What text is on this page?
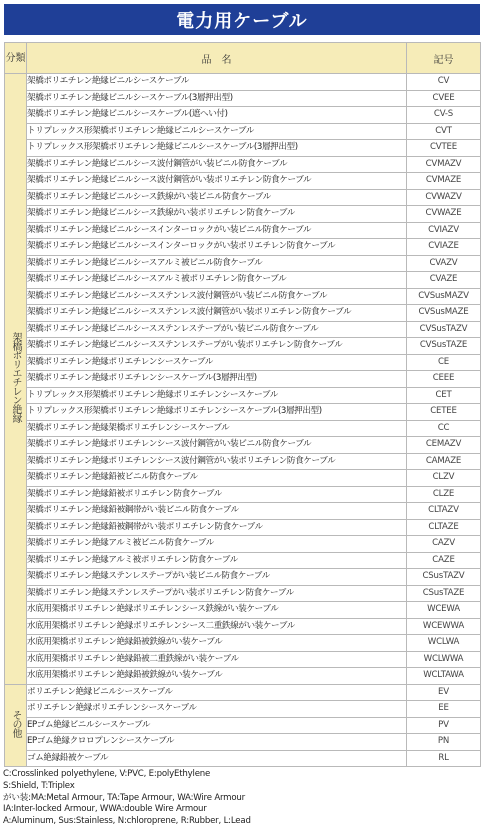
電力用ケーブル
分類	品　名	記号
架橋ポリエチレン絶縁	架橋ポリエチレン絶縁ビニルシースケーブル	CV
	架橋ポリエチレン絶縁ビニルシースケーブル(3層押出型)	CVEE
	架橋ポリエチレン絶縁ビニルシースケーブル(遮へい付)	CV-S
	トリプレックス形架橋ポリエチレン絶縁ビニルシースケーブル	CVT
	トリプレックス形架橋ポリエチレン絶縁ビニルシースケーブル(3層押出型)	CVTEE
	架橋ポリエチレン絶縁ビニルシース波付鋼管がい装ビニル防食ケーブル	CVMAZV
	架橋ポリエチレン絶縁ビニルシース波付鋼管がい装ポリエチレン防食ケーブル	CVMAZE
	架橋ポリエチレン絶縁ビニルシース鉄線がい装ビニル防食ケーブル	CVWAZV
	架橋ポリエチレン絶縁ビニルシース鉄線がい装ポリエチレン防食ケーブル	CVWAZE
	架橋ポリエチレン絶縁ビニルシースインターロックがい装ビニル防食ケーブル	CVIAZV
	架橋ポリエチレン絶縁ビニルシースインターロックがい装ポリエチレン防食ケーブル	CVIAZE
	架橋ポリエチレン絶縁ビニルシースアルミ被ビニル防食ケーブル	CVAZV
	架橋ポリエチレン絶縁ビニルシースアルミ被ポリエチレン防食ケーブル	CVAZE
	架橋ポリエチレン絶縁ビニルシースステンレス波付鋼管がい装ビニル防食ケーブル	CVSusMAZV
	架橋ポリエチレン絶縁ビニルシースステンレス波付鋼管がい装ポリエチレン防食ケーブル	CVSusMAZE
	架橋ポリエチレン絶縁ビニルシースステンレステープがい装ビニル防食ケーブル	CVSusTAZV
	架橋ポリエチレン絶縁ビニルシースステンレステープがい装ポリエチレン防食ケーブル	CVSusTAZE
	架橋ポリエチレン絶縁ポリエチレンシースケーブル	CE
	架橋ポリエチレン絶縁ポリエチレンシースケーブル(3層押出型)	CEEE
	トリプレックス形架橋ポリエチレン絶縁ポリエチレンシースケーブル	CET
	トリプレックス形架橋ポリエチレン絶縁ポリエチレンシースケーブル(3層押出型)	CETEE
	架橋ポリエチレン絶縁架橋ポリエチレンシースケーブル	CC
	架橋ポリエチレン絶縁ポリエチレンシース波付鋼管がい装ビニル防食ケーブル	CEMAZV
	架橋ポリエチレン絶縁ポリエチレンシース波付鋼管がい装ポリエチレン防食ケーブル	CAMAZE
	架橋ポリエチレン絶縁鉛被ビニル防食ケーブル	CLZV
	架橋ポリエチレン絶縁鉛被ポリエチレン防食ケーブル	CLZE
	架橋ポリエチレン絶縁鉛被鋼帯がい装ビニル防食ケーブル	CLTAZV
	架橋ポリエチレン絶縁鉛被鋼帯がい装ポリエチレン防食ケーブル	CLTAZE
	架橋ポリエチレン絶縁アルミ被ビニル防食ケーブル	CAZV
	架橋ポリエチレン絶縁アルミ被ポリエチレン防食ケーブル	CAZE
	架橋ポリエチレン絶縁ステンレステープがい装ビニル防食ケーブル	CSusTAZV
	架橋ポリエチレン絶縁ステンレステープがい装ポリエチレン防食ケーブル	CSusTAZE
	水底用架橋ポリエチレン絶縁ポリエチレンシース鉄線がい装ケーブル	WCEWA
	水底用架橋ポリエチレン絶縁ポリエチレンシース二重鉄線がい装ケーブル	WCEWWA
	水底用架橋ポリエチレン絶縁鉛被鉄線がい装ケーブル	WCLWA
	水底用架橋ポリエチレン絶縁鉛被二重鉄線がい装ケーブル	WCLWWA
	水底用架橋ポリエチレン絶縁鉛被鉄線がい装ケーブル	WCLTAWA
その他	ポリエチレン絶縁ビニルシースケーブル	EV
	ポリエチレン絶縁ポリエチレンシースケーブル	EE
	EPゴム絶縁ビニルシースケーブル	PV
	EPゴム絶縁クロロプレンシースケーブル	PN
	ゴム絶縁鉛被ケーブル	RL
C:Crosslinked polyethylene, V:PVC, E:polyEthylene
S:Shield, T:Triplex
がい装:MA:Metal Armour, TA:Tape Armour, WA:Wire Armour
IA:Inter-locked Armour, WWA:double Wire Armour
A:Aluminum, Sus:Stainless, N:chloroprene, R:Rubber, L:Lead
